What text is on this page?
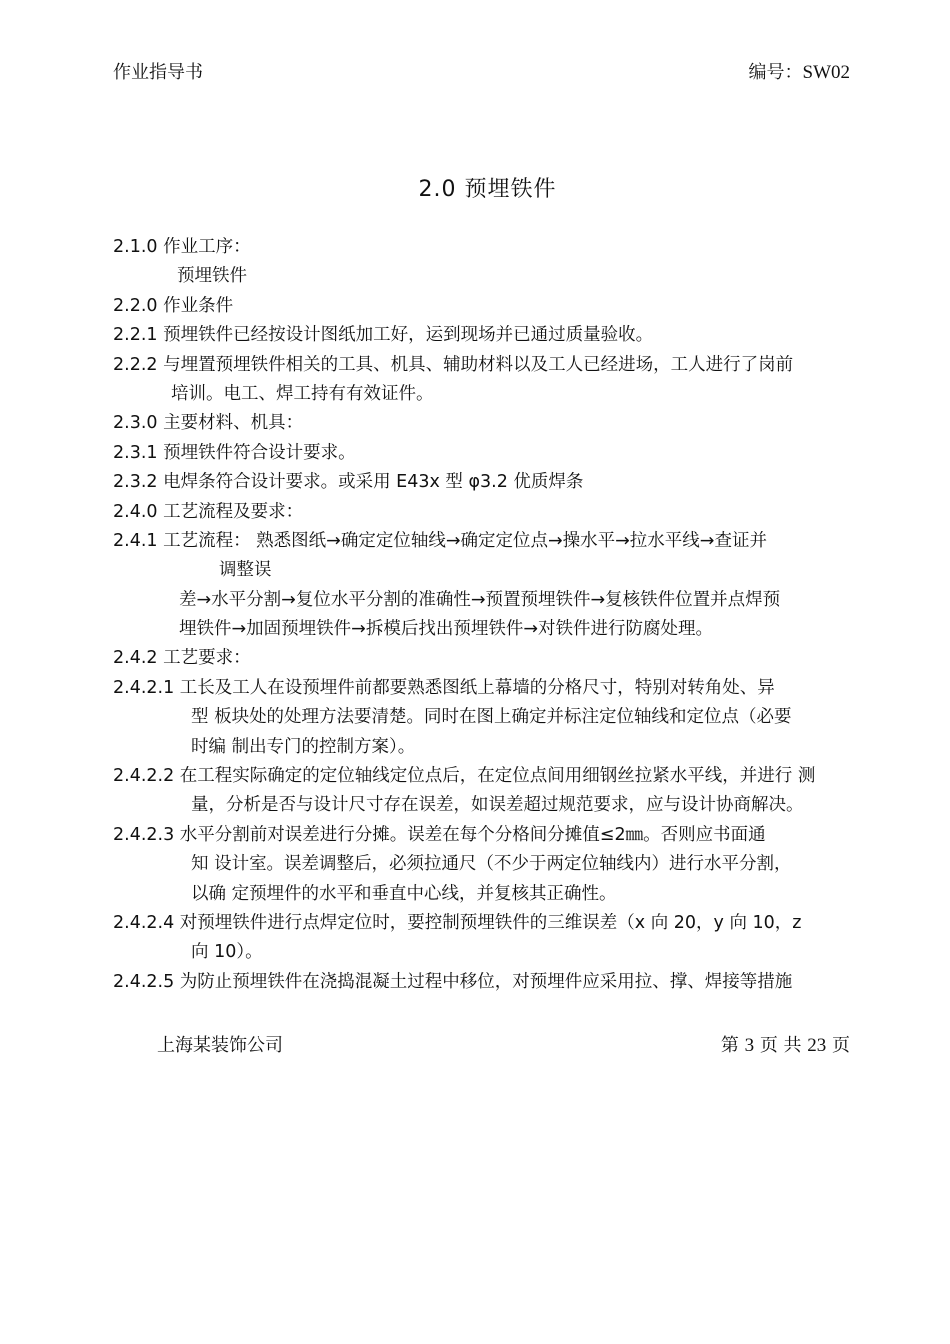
作业指导书	编号：SW02
2.0 预埋铁件
2.1.0 作业工序：
预埋铁件
2.2.0 作业条件
2.2.1 预埋铁件已经按设计图纸加工好，运到现场并已通过质量验收。
2.2.2 与埋置预埋铁件相关的工具、机具、辅助材料以及工人已经进场，工人进行了岗前
培训。电工、焊工持有有效证件。
2.3.0 主要材料、机具：
2.3.1 预埋铁件符合设计要求。
2.3.2 电焊条符合设计要求。或采用 E43x 型 φ3.2 优质焊条
2.4.0 工艺流程及要求：
2.4.1 工艺流程： 熟悉图纸→确定定位轴线→确定定位点→操水平→拉水平线→查证并
调整误
差→水平分割→复位水平分割的准确性→预置预埋铁件→复核铁件位置并点焊预
埋铁件→加固预埋铁件→拆模后找出预埋铁件→对铁件进行防腐处理。
2.4.2 工艺要求：
2.4.2.1 工长及工人在设预埋件前都要熟悉图纸上幕墙的分格尺寸，特别对转角处、异
型 板块处的处理方法要清楚。同时在图上确定并标注定位轴线和定位点（必要
时编 制出专门的控制方案）。
2.4.2.2 在工程实际确定的定位轴线定位点后，在定位点间用细钢丝拉紧水平线，并进行 测
量，分析是否与设计尺寸存在误差，如误差超过规范要求，应与设计协商解决。
2.4.2.3 水平分割前对误差进行分摊。误差在每个分格间分摊值≤2㎜。否则应书面通
知 设计室。误差调整后，必须拉通尺（不少于两定位轴线内）进行水平分割，
以确 定预埋件的水平和垂直中心线，并复核其正确性。
2.4.2.4 对预埋铁件进行点焊定位时，要控制预埋铁件的三维误差（x 向 20，y 向 10，z
向 10）。
2.4.2.5 为防止预埋铁件在浇捣混凝土过程中移位，对预埋件应采用拉、撑、焊接等措施
上海某装饰公司	第 3 页 共 23 页
